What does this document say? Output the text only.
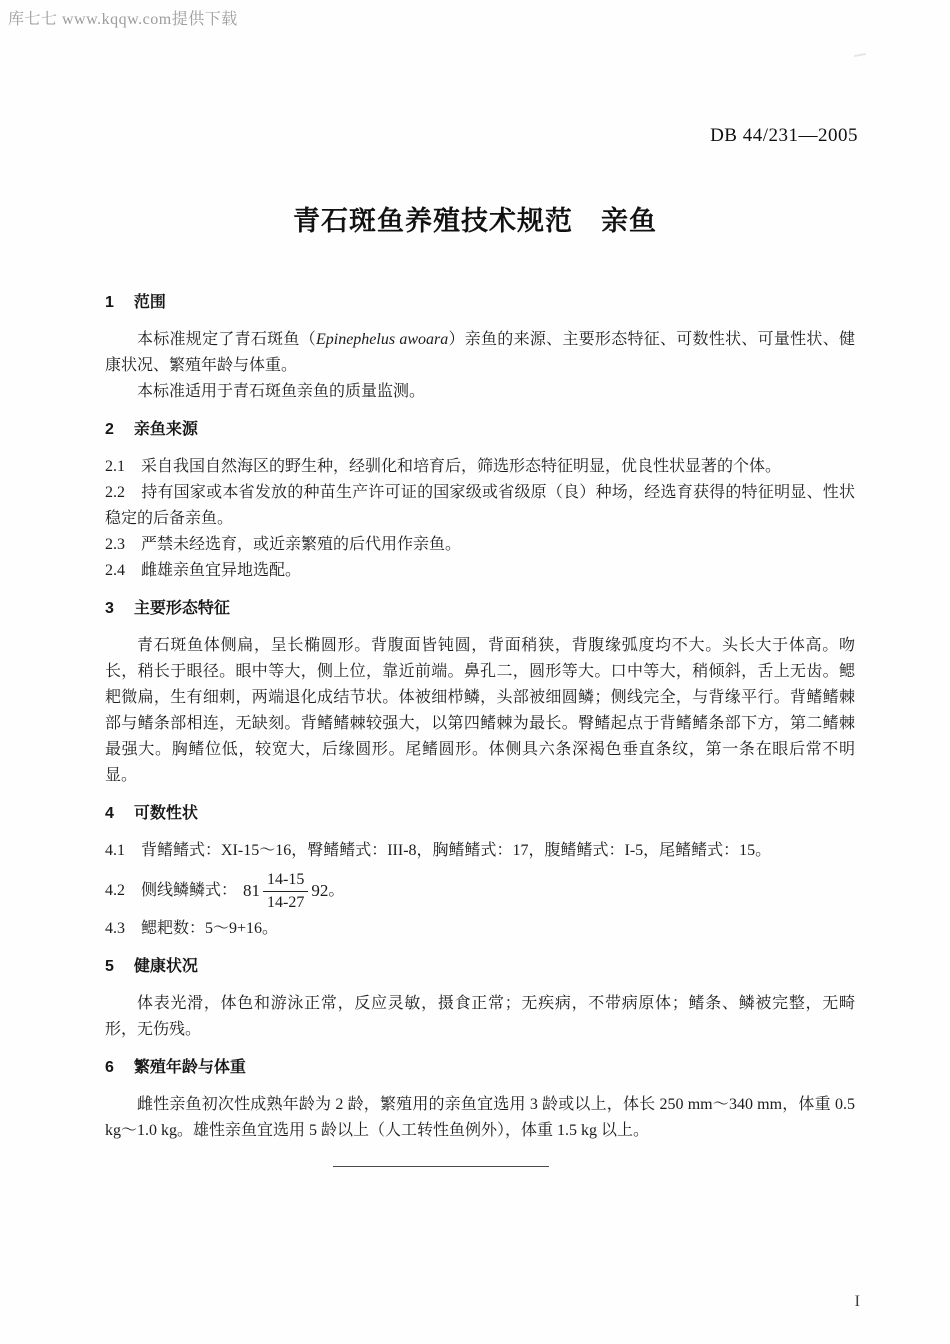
库七七 www.kqqw.com提供下载
DB 44/231—2005
青石斑鱼养殖技术规范　亲鱼
1 范围

本标准规定了青石斑鱼（Epinephelus awoara）亲鱼的来源、主要形态特征、可数性状、可量性状、健康状况、繁殖年龄与体重。

本标准适用于青石斑鱼亲鱼的质量监测。

2 亲鱼来源

2.1 采自我国自然海区的野生种，经驯化和培育后，筛选形态特征明显，优良性状显著的个体。

2.2 持有国家或本省发放的种苗生产许可证的国家级或省级原（良）种场，经选育获得的特征明显、性状稳定的后备亲鱼。

2.3 严禁未经选育，或近亲繁殖的后代用作亲鱼。

2.4 雌雄亲鱼宜异地选配。

3 主要形态特征

青石斑鱼体侧扁，呈长椭圆形。背腹面皆钝圆，背面稍狭，背腹缘弧度均不大。头长大于体高。吻长，稍长于眼径。眼中等大，侧上位，靠近前端。鼻孔二，圆形等大。口中等大，稍倾斜，舌上无齿。鳃耙微扁，生有细刺，两端退化成结节状。体被细栉鳞，头部被细圆鳞；侧线完全，与背缘平行。背鳍鳍棘部与鳍条部相连，无缺刻。背鳍鳍棘较强大，以第四鳍棘为最长。臀鳍起点于背鳍鳍条部下方，第二鳍棘最强大。胸鳍位低，较宽大，后缘圆形。尾鳍圆形。体侧具六条深褐色垂直条纹，第一条在眼后常不明显。

4 可数性状

4.1 背鳍鳍式：XI-15～16，臀鳍鳍式：III-8，胸鳍鳍式：17，腹鳍鳍式：I-5，尾鳍鳍式：15。

4.2 侧线鳞鳞式： $81 \frac{14-15}{14-27} 92$ 。

4.3 鳃耙数：5～9+16。

5 健康状况

体表光滑，体色和游泳正常，反应灵敏，摄食正常；无疾病，不带病原体；鳍条、鳞被完整，无畸形，无伤残。

6 繁殖年龄与体重

雌性亲鱼初次性成熟年龄为 2 龄，繁殖用的亲鱼宜选用 3 龄或以上，体长 250 mm～340 mm，体重 0.5 kg～1.0 kg。雄性亲鱼宜选用 5 龄以上（人工转性鱼例外），体重 1.5 kg 以上。

I
